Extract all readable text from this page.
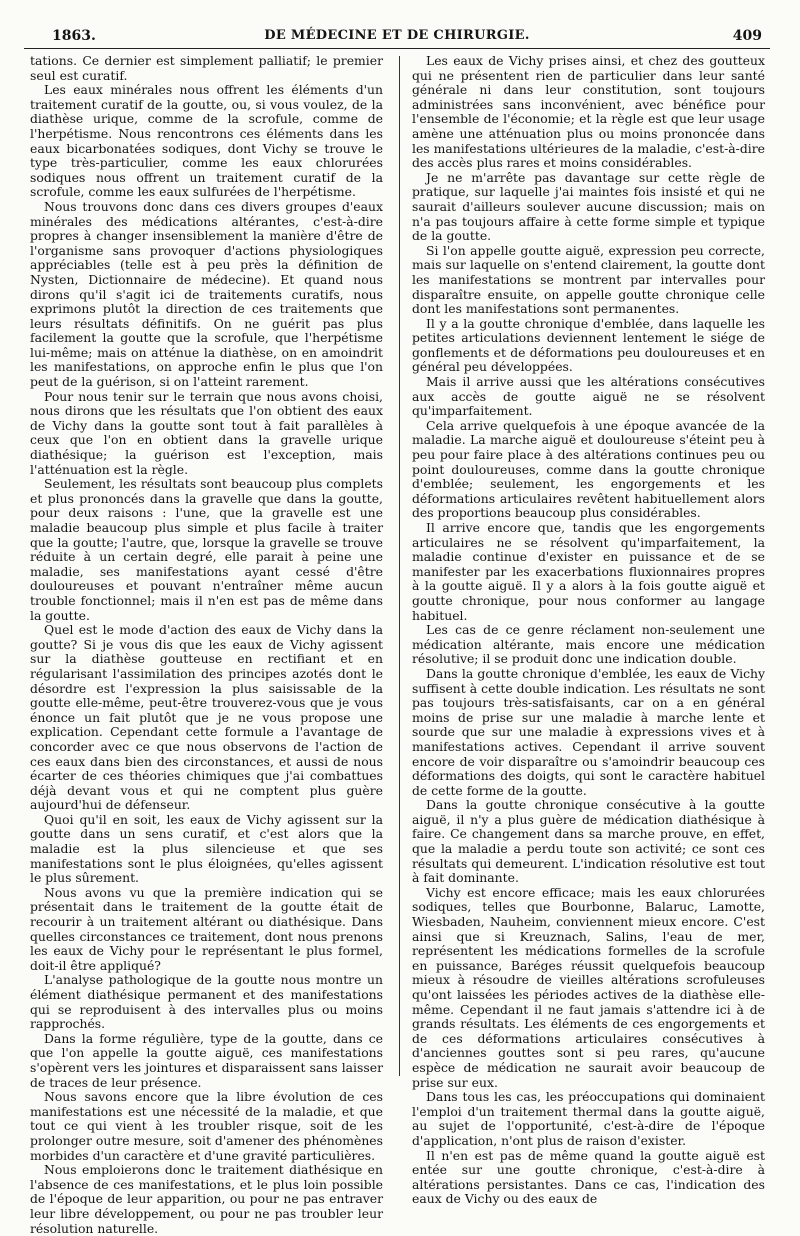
1863.	DE MÉDECINE ET DE CHIRURGIE.	409

tations. Ce dernier est simplement palliatif; le premier seul est curatif.

Les eaux minérales nous offrent les éléments d'un traitement curatif de la goutte, ou, si vous voulez, de la diathèse urique, comme de la scrofule, comme de l'herpétisme. Nous rencontrons ces éléments dans les eaux bicarbonatées sodiques, dont Vichy se trouve le type très-particulier, comme les eaux chlorurées sodiques nous offrent un traitement curatif de la scrofule, comme les eaux sulfurées de l'herpétisme.

Nous trouvons donc dans ces divers groupes d'eaux minérales des médications altérantes, c'est-à-dire propres à changer insensiblement la manière d'être de l'organisme sans provoquer d'actions physiologiques appréciables (telle est à peu près la définition de Nysten, Dictionnaire de médecine). Et quand nous dirons qu'il s'agit ici de traitements curatifs, nous exprimons plutôt la direction de ces traitements que leurs résultats définitifs. On ne guérit pas plus facilement la goutte que la scrofule, que l'herpétisme lui-même; mais on atténue la diathèse, on en amoindrit les manifestations, on approche enfin le plus que l'on peut de la guérison, si on l'atteint rarement.

Pour nous tenir sur le terrain que nous avons choisi, nous dirons que les résultats que l'on obtient des eaux de Vichy dans la goutte sont tout à fait parallèles à ceux que l'on en obtient dans la gravelle urique diathésique; la guérison est l'exception, mais l'atténuation est la règle.

Seulement, les résultats sont beaucoup plus complets et plus prononcés dans la gravelle que dans la goutte, pour deux raisons : l'une, que la gravelle est une maladie beaucoup plus simple et plus facile à traiter que la goutte; l'autre, que, lorsque la gravelle se trouve réduite à un certain degré, elle parait à peine une maladie, ses manifestations ayant cessé d'être douloureuses et pouvant n'entraîner même aucun trouble fonctionnel; mais il n'en est pas de même dans la goutte.

Quel est le mode d'action des eaux de Vichy dans la goutte? Si je vous dis que les eaux de Vichy agissent sur la diathèse goutteuse en rectifiant et en régularisant l'assimilation des principes azotés dont le désordre est l'expression la plus saisissable de la goutte elle-même, peut-être trouverez-vous que je vous énonce un fait plutôt que je ne vous propose une explication. Cependant cette formule a l'avantage de concorder avec ce que nous observons de l'action de ces eaux dans bien des circonstances, et aussi de nous écarter de ces théories chimiques que j'ai combattues déjà devant vous et qui ne comptent plus guère aujourd'hui de défenseur.

Quoi qu'il en soit, les eaux de Vichy agissent sur la goutte dans un sens curatif, et c'est alors que la maladie est la plus silencieuse et que ses manifestations sont le plus éloignées, qu'elles agissent le plus sûrement.

Nous avons vu que la première indication qui se présentait dans le traitement de la goutte était de recourir à un traitement altérant ou diathésique. Dans quelles circonstances ce traitement, dont nous prenons les eaux de Vichy pour le représentant le plus formel, doit-il être appliqué?

L'analyse pathologique de la goutte nous montre un élément diathésique permanent et des manifestations qui se reproduisent à des intervalles plus ou moins rapprochés.

Dans la forme régulière, type de la goutte, dans ce que l'on appelle la goutte aiguë, ces manifestations s'opèrent vers les jointures et disparaissent sans laisser de traces de leur présence.

Nous savons encore que la libre évolution de ces manifestations est une nécessité de la maladie, et que tout ce qui vient à les troubler risque, soit de les prolonger outre mesure, soit d'amener des phénomènes morbides d'un caractère et d'une gravité particulières.

Nous emploierons donc le traitement diathésique en l'absence de ces manifestations, et le plus loin possible de l'époque de leur apparition, ou pour ne pas entraver leur libre développement, ou pour ne pas troubler leur résolution naturelle.

Les eaux de Vichy prises ainsi, et chez des goutteux qui ne présentent rien de particulier dans leur santé générale ni dans leur constitution, sont toujours administrées sans inconvénient, avec bénéfice pour l'ensemble de l'économie; et la règle est que leur usage amène une atténuation plus ou moins prononcée dans les manifestations ultérieures de la maladie, c'est-à-dire des accès plus rares et moins considérables.

Je ne m'arrête pas davantage sur cette règle de pratique, sur laquelle j'ai maintes fois insisté et qui ne saurait d'ailleurs soulever aucune discussion; mais on n'a pas toujours affaire à cette forme simple et typique de la goutte.

Si l'on appelle goutte aiguë, expression peu correcte, mais sur laquelle on s'entend clairement, la goutte dont les manifestations se montrent par intervalles pour disparaître ensuite, on appelle goutte chronique celle dont les manifestations sont permanentes.

Il y a la goutte chronique d'emblée, dans laquelle les petites articulations deviennent lentement le siége de gonflements et de déformations peu douloureuses et en général peu développées.

Mais il arrive aussi que les altérations consécutives aux accès de goutte aiguë ne se résolvent qu'imparfaitement.

Cela arrive quelquefois à une époque avancée de la maladie. La marche aiguë et douloureuse s'éteint peu à peu pour faire place à des altérations continues peu ou point douloureuses, comme dans la goutte chronique d'emblée; seulement, les engorgements et les déformations articulaires revêtent habituellement alors des proportions beaucoup plus considérables.

Il arrive encore que, tandis que les engorgements articulaires ne se résolvent qu'imparfaitement, la maladie continue d'exister en puissance et de se manifester par les exacerbations fluxionnaires propres à la goutte aiguë. Il y a alors à la fois goutte aiguë et goutte chronique, pour nous conformer au langage habituel.

Les cas de ce genre réclament non-seulement une médication altérante, mais encore une médication résolutive; il se produit donc une indication double.

Dans la goutte chronique d'emblée, les eaux de Vichy suffisent à cette double indication. Les résultats ne sont pas toujours très-satisfaisants, car on a en général moins de prise sur une maladie à marche lente et sourde que sur une maladie à expressions vives et à manifestations actives. Cependant il arrive souvent encore de voir disparaître ou s'amoindrir beaucoup ces déformations des doigts, qui sont le caractère habituel de cette forme de la goutte.

Dans la goutte chronique consécutive à la goutte aiguë, il n'y a plus guère de médication diathésique à faire. Ce changement dans sa marche prouve, en effet, que la maladie a perdu toute son activité; ce sont ces résultats qui demeurent. L'indication résolutive est tout à fait dominante.

Vichy est encore efficace; mais les eaux chlorurées sodiques, telles que Bourbonne, Balaruc, Lamotte, Wiesbaden, Nauheim, conviennent mieux encore. C'est ainsi que si Kreuznach, Salins, l'eau de mer, représentent les médications formelles de la scrofule en puissance, Baréges réussit quelquefois beaucoup mieux à résoudre de vieilles altérations scrofuleuses qu'ont laissées les périodes actives de la diathèse elle-même. Cependant il ne faut jamais s'attendre ici à de grands résultats. Les éléments de ces engorgements et de ces déformations articulaires consécutives à d'anciennes gouttes sont si peu rares, qu'aucune espèce de médication ne saurait avoir beaucoup de prise sur eux.

Dans tous les cas, les préoccupations qui dominaient l'emploi d'un traitement thermal dans la goutte aiguë, au sujet de l'opportunité, c'est-à-dire de l'époque d'application, n'ont plus de raison d'exister.

Il n'en est pas de même quand la goutte aiguë est entée sur une goutte chronique, c'est-à-dire à altérations persistantes. Dans ce cas, l'indication des eaux de Vichy ou des eaux de
